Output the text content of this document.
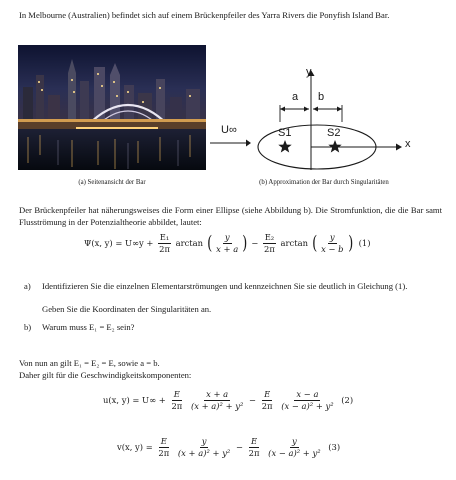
In Melbourne (Australien) befindet sich auf einem Brückenpfeiler des Yarra Rivers die Ponyfish Island Bar.
U∞
y
x
a b
S1	S2
(a) Seitenansicht der Bar	(b) Approximation der Bar durch Singularitäten
Der Brückenpfeiler hat näherungsweises die Form einer Ellipse (siehe Abbildung b). Die Stromfunktion, die die Bar samt Flusströmung in der Potenzialtheorie abbildet, lautet:
Ψ(x, $y) = U\infty y + \frac{\text{E₁}}{2\pi}$ arctan ( $\frac{y}{x + a}$ ) − $\frac{\text{E₂}}{2\pi}$ arctan ( $\frac{y}{x - b}$ ) (1)
a) Identifizieren Sie die einzelnen Elementarströmungen und kennzeichnen Sie sie deutlich in Gleichung (1).
Geben Sie die Koordinaten der Singularitäten an.
b) Warum muss E₁ = E₂ sein?
Von nun an gilt E₁ = E₂ = E, sowie a = b.
Daher gilt für die Geschwindigkeitskomponenten:
u(x, $y) = U\infty + \frac{E}{2\pi}$
$\frac{x + a}{\text{(x + a)² + y²}} - \frac{E}{2\pi}$
$\frac{x - a}{\text{(x − a)² + y²}} (2)$
v(x, $y) = \frac{E}{2\pi}$
$\frac{y}{\text{(x + a)² + y²}} - \frac{E}{2\pi}$
$\frac{y}{\text{(x − a)² + y²}} (3)$
